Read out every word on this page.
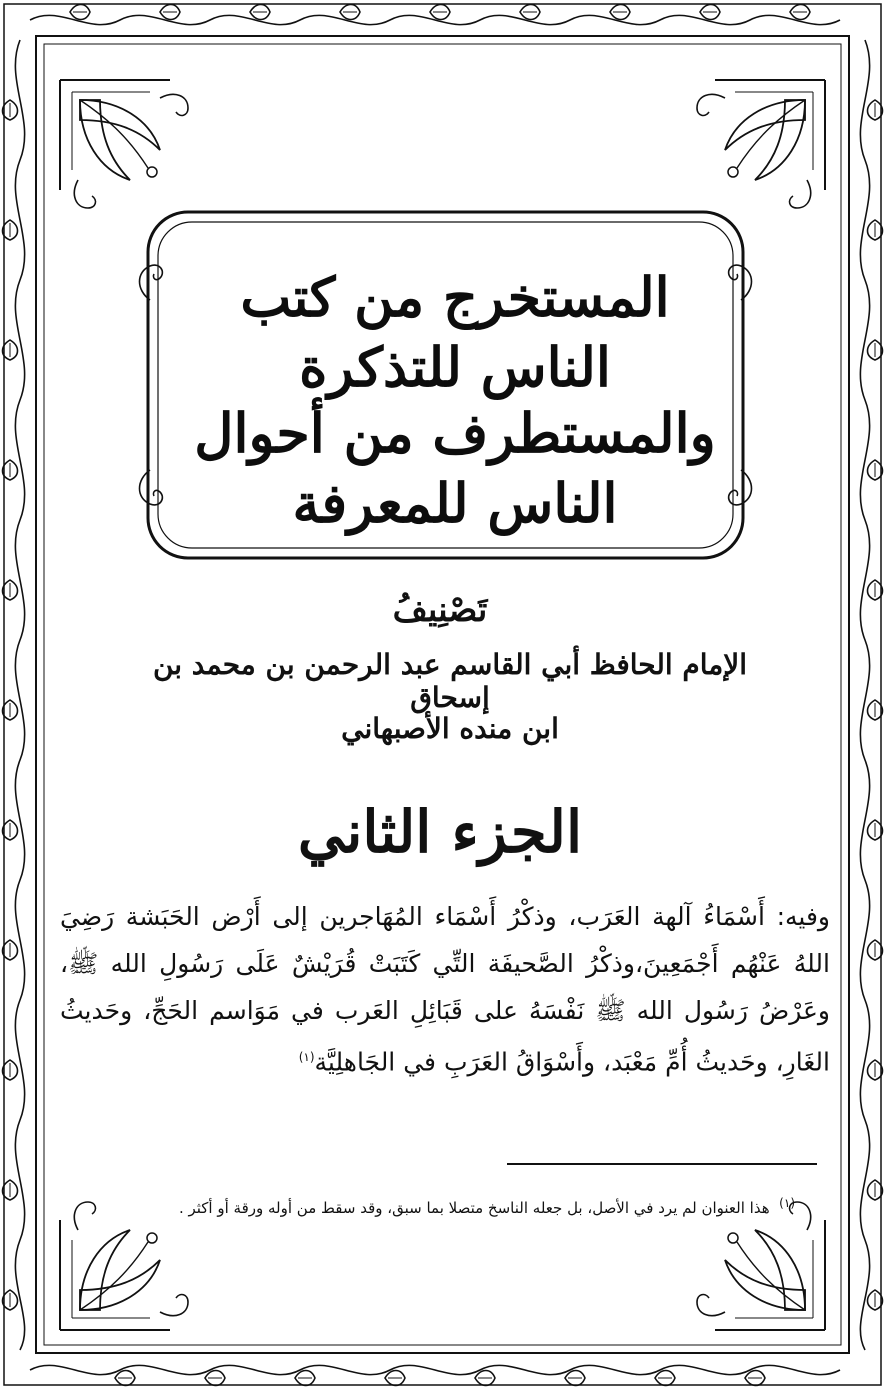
المستخرج من كتب الناس للتذكرة
والمستطرف من أحوال الناس للمعرفة
تَصْنِيفُ
الإمام الحافظ أبي القاسم عبد الرحمن بن محمد بن إسحاق
ابن منده الأصبهاني
الجزء الثاني
وفيه: أَسْمَاءُ آلهة العَرَب، وذكْرُ أَسْمَاء المُهَاجرين إلى أَرْض الحَبَشة رَضِيَ اللهُ عَنْهُم أَجْمَعِينَ،وذكْرُ الصَّحيفَة التِّي كَتَبَتْ قُرَيْشٌ عَلَى رَسُولِ الله ﷺ، وعَرْضُ رَسُول الله ﷺ نَفْسَهُ على قَبَائِلِ العَرب في مَوَاسم الحَجِّ، وحَديثُ الغَارِ، وحَديثُ أُمِّ مَعْبَد، وأَسْوَاقُ العَرَبِ في الجَاهلِيَّة$^{(١)}$
$^{(١)}$  هذا العنوان لم يرد في الأصل، بل جعله الناسخ متصلا بما سبق، وقد سقط من أوله ورقة أو أكثر .
